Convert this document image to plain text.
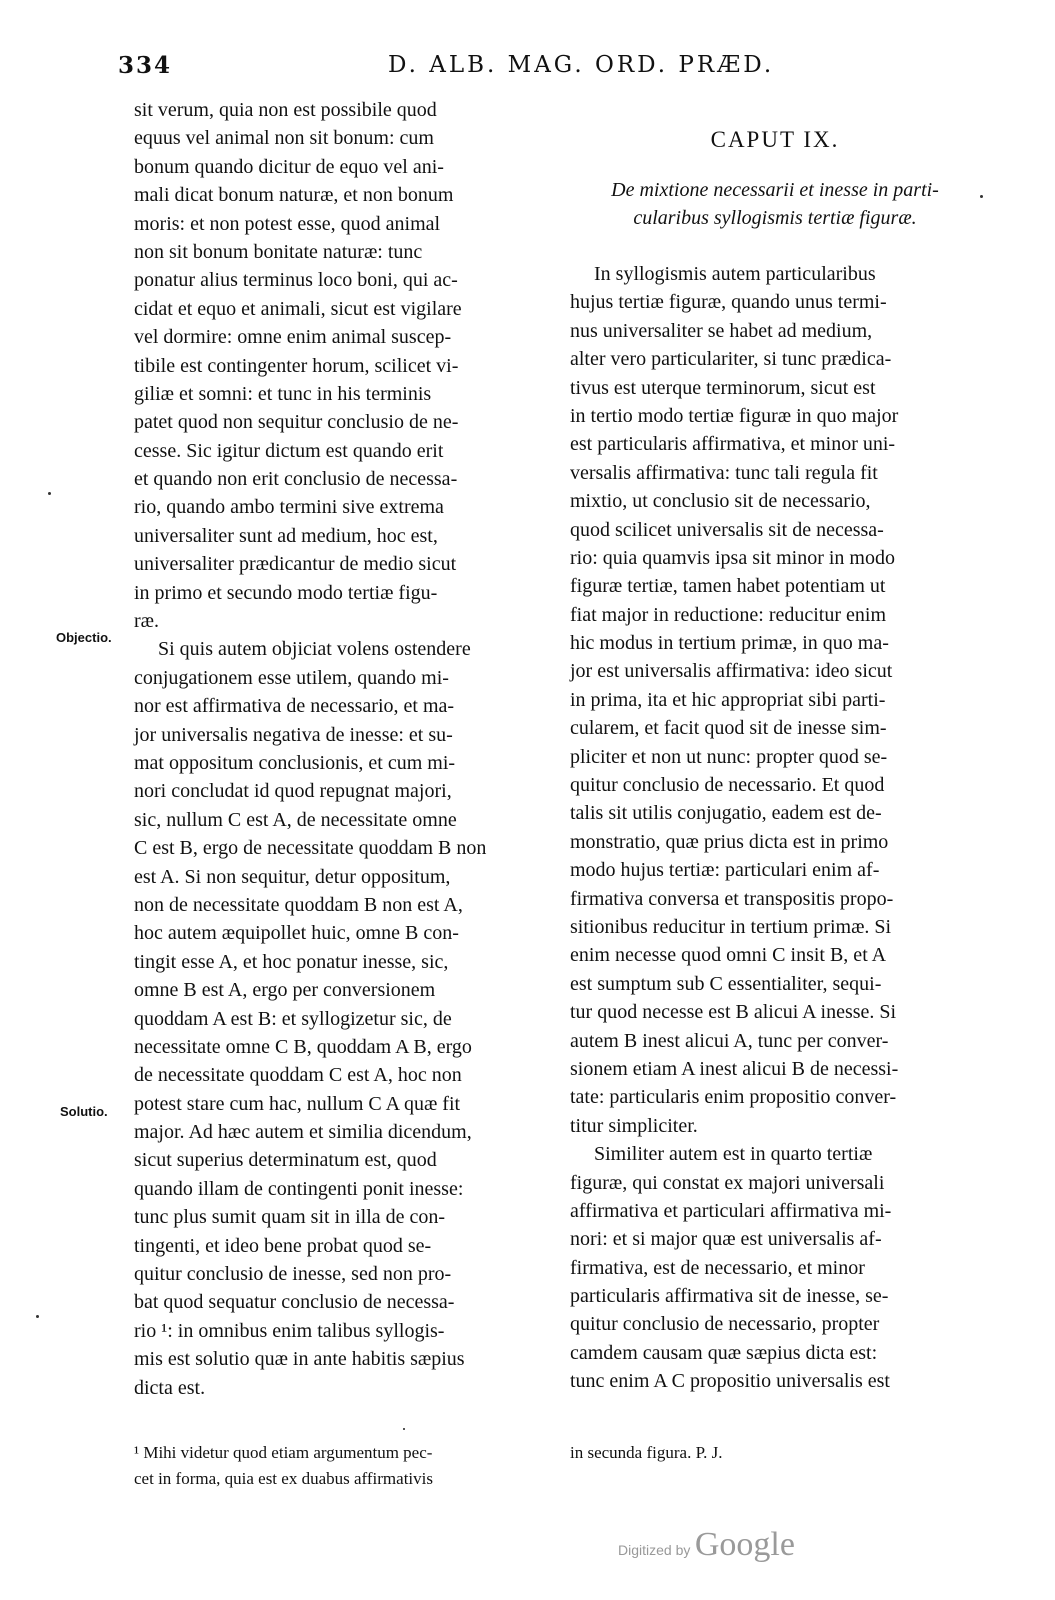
334	D. ALB. MAG. ORD. PRÆD.
Objectio.
Solutio.
sit verum, quia non est possibile quod
equus vel animal non sit bonum: cum
bonum quando dicitur de equo vel ani-
mali dicat bonum naturæ, et non bonum
moris: et non potest esse, quod animal
non sit bonum bonitate naturæ: tunc
ponatur alius terminus loco boni, qui ac-
cidat et equo et animali, sicut est vigilare
vel dormire: omne enim animal suscep-
tibile est contingenter horum, scilicet vi-
giliæ et somni: et tunc in his terminis
patet quod non sequitur conclusio de ne-
cesse. Sic igitur dictum est quando erit
et quando non erit conclusio de necessa-
rio, quando ambo termini sive extrema
universaliter sunt ad medium, hoc est,
universaliter prædicantur de medio sicut
in primo et secundo modo tertiæ figu-
ræ.
Si quis autem objiciat volens ostendere
conjugationem esse utilem, quando mi-
nor est affirmativa de necessario, et ma-
jor universalis negativa de inesse: et su-
mat oppositum conclusionis, et cum mi-
nori concludat id quod repugnat majori,
sic, nullum C est A, de necessitate omne
C est B, ergo de necessitate quoddam B non
est A. Si non sequitur, detur oppositum,
non de necessitate quoddam B non est A,
hoc autem æquipollet huic, omne B con-
tingit esse A, et hoc ponatur inesse, sic,
omne B est A, ergo per conversionem
quoddam A est B: et syllogizetur sic, de
necessitate omne C B, quoddam A B, ergo
de necessitate quoddam C est A, hoc non
potest stare cum hac, nullum C A quæ fit
major. Ad hæc autem et similia dicendum,
sicut superius determinatum est, quod
quando illam de contingenti ponit inesse:
tunc plus sumit quam sit in illa de con-
tingenti, et ideo bene probat quod se-
quitur conclusio de inesse, sed non pro-
bat quod sequatur conclusio de necessa-
rio ¹: in omnibus enim talibus syllogis-
mis est solutio quæ in ante habitis sæpius
dicta est.
CAPUT IX.
De mixtione necessarii et inesse in parti-
cularibus syllogismis tertiæ figuræ.
In syllogismis autem particularibus
hujus tertiæ figuræ, quando unus termi-
nus universaliter se habet ad medium,
alter vero particulariter, si tunc prædica-
tivus est uterque terminorum, sicut est
in tertio modo tertiæ figuræ in quo major
est particularis affirmativa, et minor uni-
versalis affirmativa: tunc tali regula fit
mixtio, ut conclusio sit de necessario,
quod scilicet universalis sit de necessa-
rio: quia quamvis ipsa sit minor in modo
figuræ tertiæ, tamen habet potentiam ut
fiat major in reductione: reducitur enim
hic modus in tertium primæ, in quo ma-
jor est universalis affirmativa: ideo sicut
in prima, ita et hic appropriat sibi parti-
cularem, et facit quod sit de inesse sim-
pliciter et non ut nunc: propter quod se-
quitur conclusio de necessario. Et quod
talis sit utilis conjugatio, eadem est de-
monstratio, quæ prius dicta est in primo
modo hujus tertiæ: particulari enim af-
firmativa conversa et transpositis propo-
sitionibus reducitur in tertium primæ. Si
enim necesse quod omni C insit B, et A
est sumptum sub C essentialiter, sequi-
tur quod necesse est B alicui A inesse. Si
autem B inest alicui A, tunc per conver-
sionem etiam A inest alicui B de necessi-
tate: particularis enim propositio conver-
titur simpliciter.
Similiter autem est in quarto tertiæ
figuræ, qui constat ex majori universali
affirmativa et particulari affirmativa mi-
nori: et si major quæ est universalis af-
firmativa, est de necessario, et minor
particularis affirmativa sit de inesse, se-
quitur conclusio de necessario, propter
camdem causam quæ sæpius dicta est:
tunc enim A C propositio universalis est
¹ Mihi videtur quod etiam argumentum pec-
cet in forma, quia est ex duabus affirmativis
in secunda figura. P. J.
Digitized by Google
